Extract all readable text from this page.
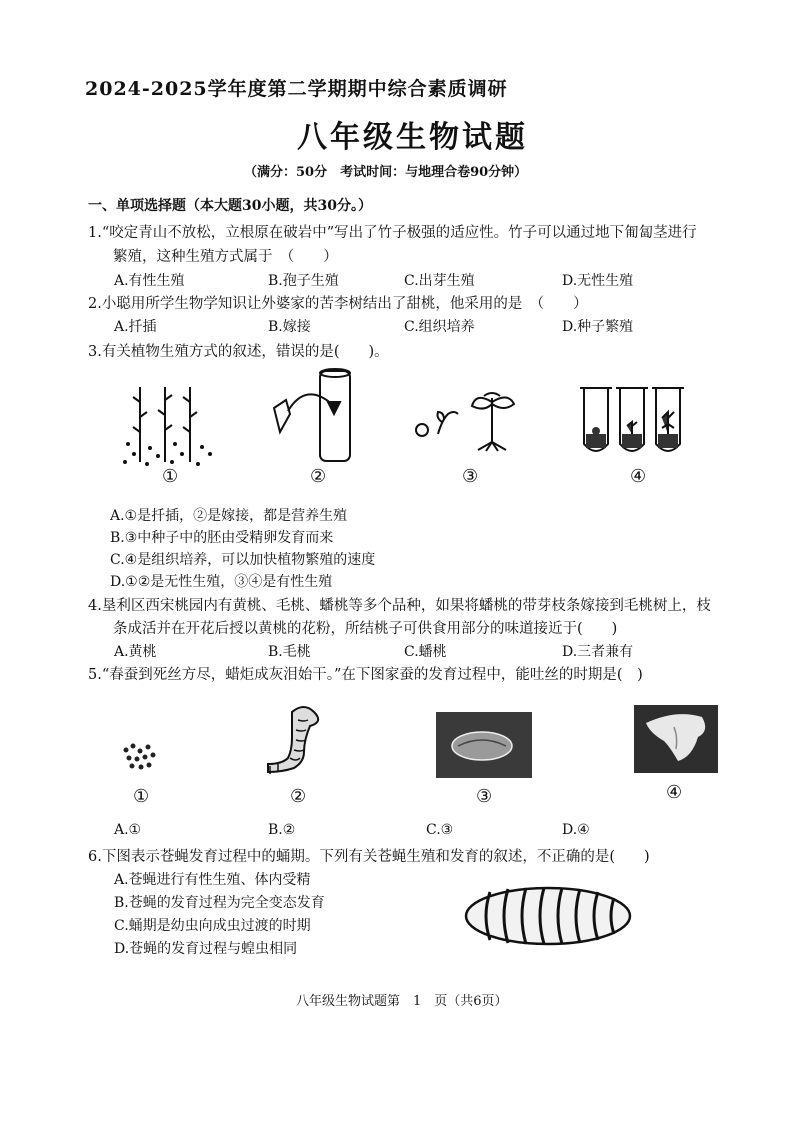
2024-2025学年度第二学期期中综合素质调研
八年级生物试题
（满分：50分　考试时间：与地理合卷90分钟）
一、单项选择题（本大题30小题，共30分。）
1.“咬定青山不放松，立根原在破岩中”写出了竹子极强的适应性。竹子可以通过地下匍匐茎进行
繁殖，这种生殖方式属于　（　　）
A.有性生殖	B.孢子生殖	C.出芽生殖	D.无性生殖
2.小聪用所学生物学知识让外婆家的苦李树结出了甜桃，他采用的是　（　　）
A.扦插	B.嫁接	C.组织培养	D.种子繁殖
3.有关植物生殖方式的叙述，错误的是(　　)。
①	②	③	④
A.①是扦插，②是嫁接，都是营养生殖
B.③中种子中的胚由受精卵发育而来
C.④是组织培养，可以加快植物繁殖的速度
D.①②是无性生殖，③④是有性生殖
4.垦利区西宋桃园内有黄桃、毛桃、蟠桃等多个品种，如果将蟠桃的带芽枝条嫁接到毛桃树上，枝
条成活并在开花后授以黄桃的花粉，所结桃子可供食用部分的味道接近于(　　)
A.黄桃	B.毛桃	C.蟠桃	D.三者兼有
5.“春蚕到死丝方尽，蜡炬成灰泪始干。”在下图家蚕的发育过程中，能吐丝的时期是(　)
①	②	③	④
A.①	B.②	C.③	D.④
6.下图表示苍蝇发育过程中的蛹期。下列有关苍蝇生殖和发育的叙述，不正确的是(　　)
A.苍蝇进行有性生殖、体内受精
B.苍蝇的发育过程为完全变态发育
C.蛹期是幼虫向成虫过渡的时期
D.苍蝇的发育过程与蝗虫相同
八年级生物试题第　1　页（共6页）
